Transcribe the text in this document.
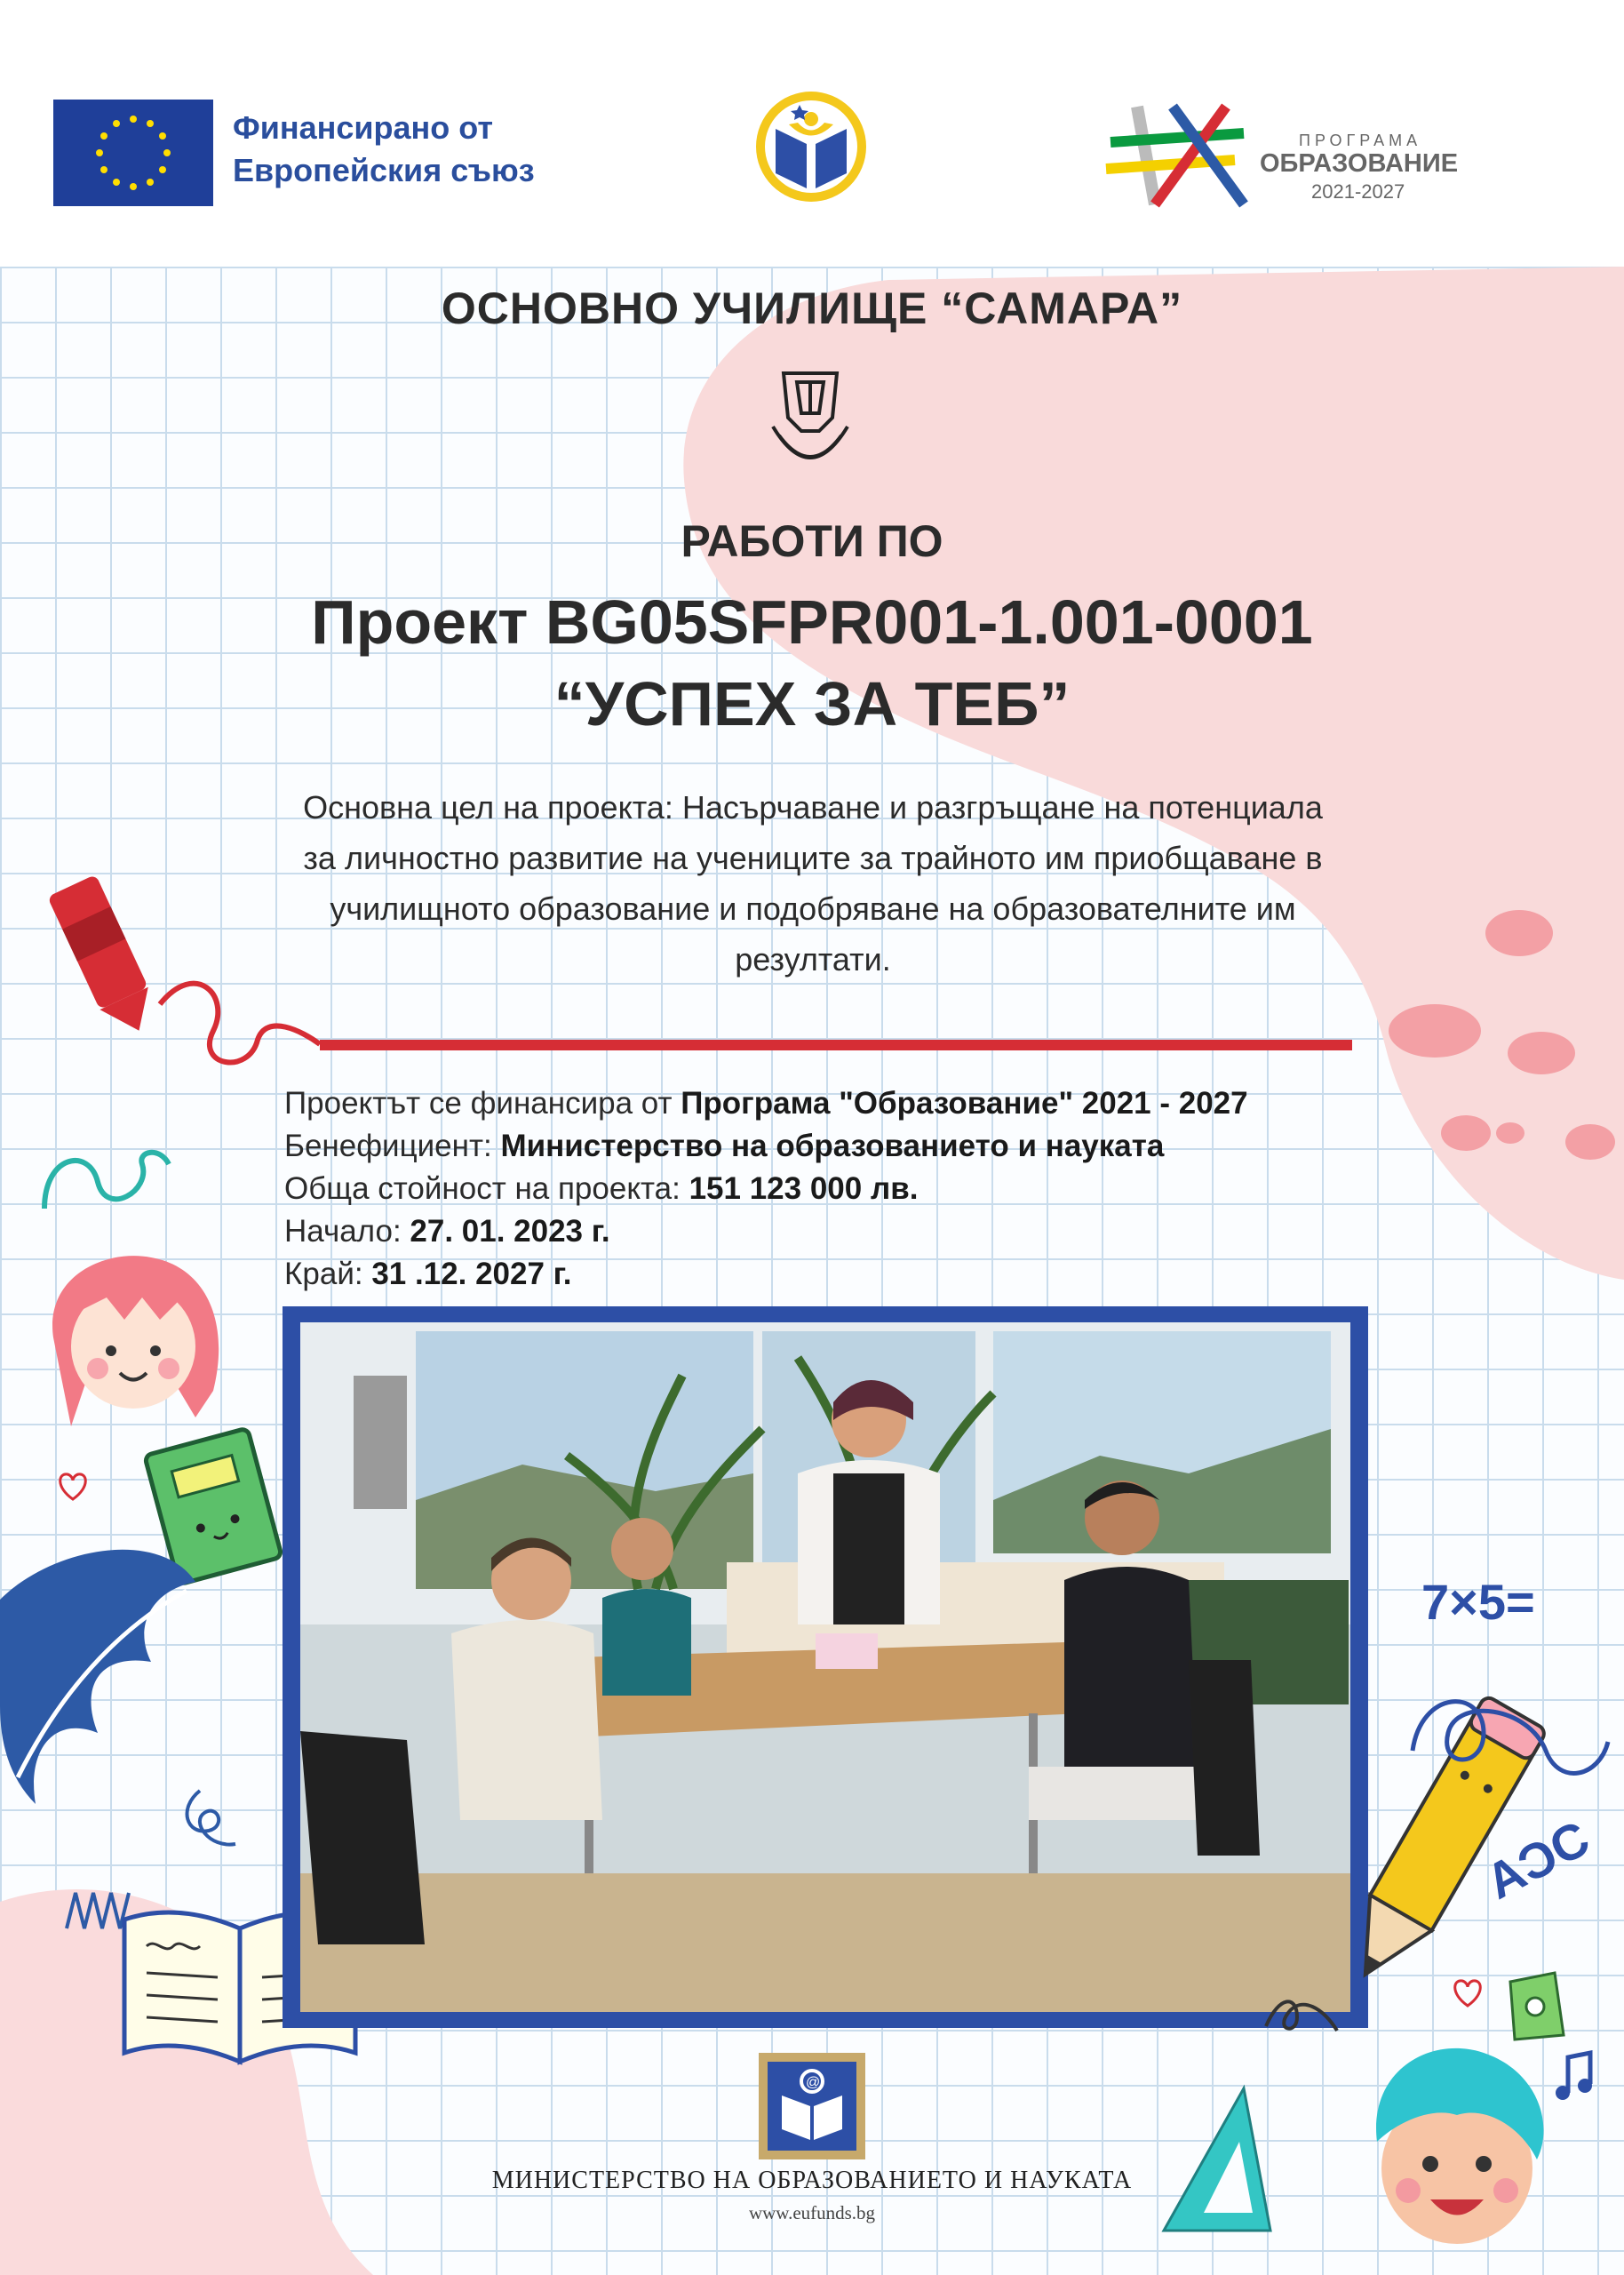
Финансирано от
Европейския съюз
ПРОГРАМА
ОБРАЗОВАНИЕ
2021-2027
ОСНОВНО УЧИЛИЩЕ “САМАРА”
РАБОТИ ПО
Проект BG05SFPR001-1.001-0001
“УСПЕХ ЗА ТЕБ”
Основна цел на проекта: Насърчаване и разгръщане на потенциала за личностно развитие на учениците за трайното им приобщаване в училищното образование и подобряване на образователните им резултати.
Проектът се финансира от Програма "Образование" 2021 - 2027
Бенефициент: Министерство на образованието и науката
Обща стойност на проекта: 151 123 000 лв.
Начало: 27. 01. 2023 г.
Край: 31 .12. 2027 г.
7×5=
AƆC
@
МИНИСТЕРСТВО НА ОБРАЗОВАНИЕТО И НАУКАТА
www.eufunds.bg
